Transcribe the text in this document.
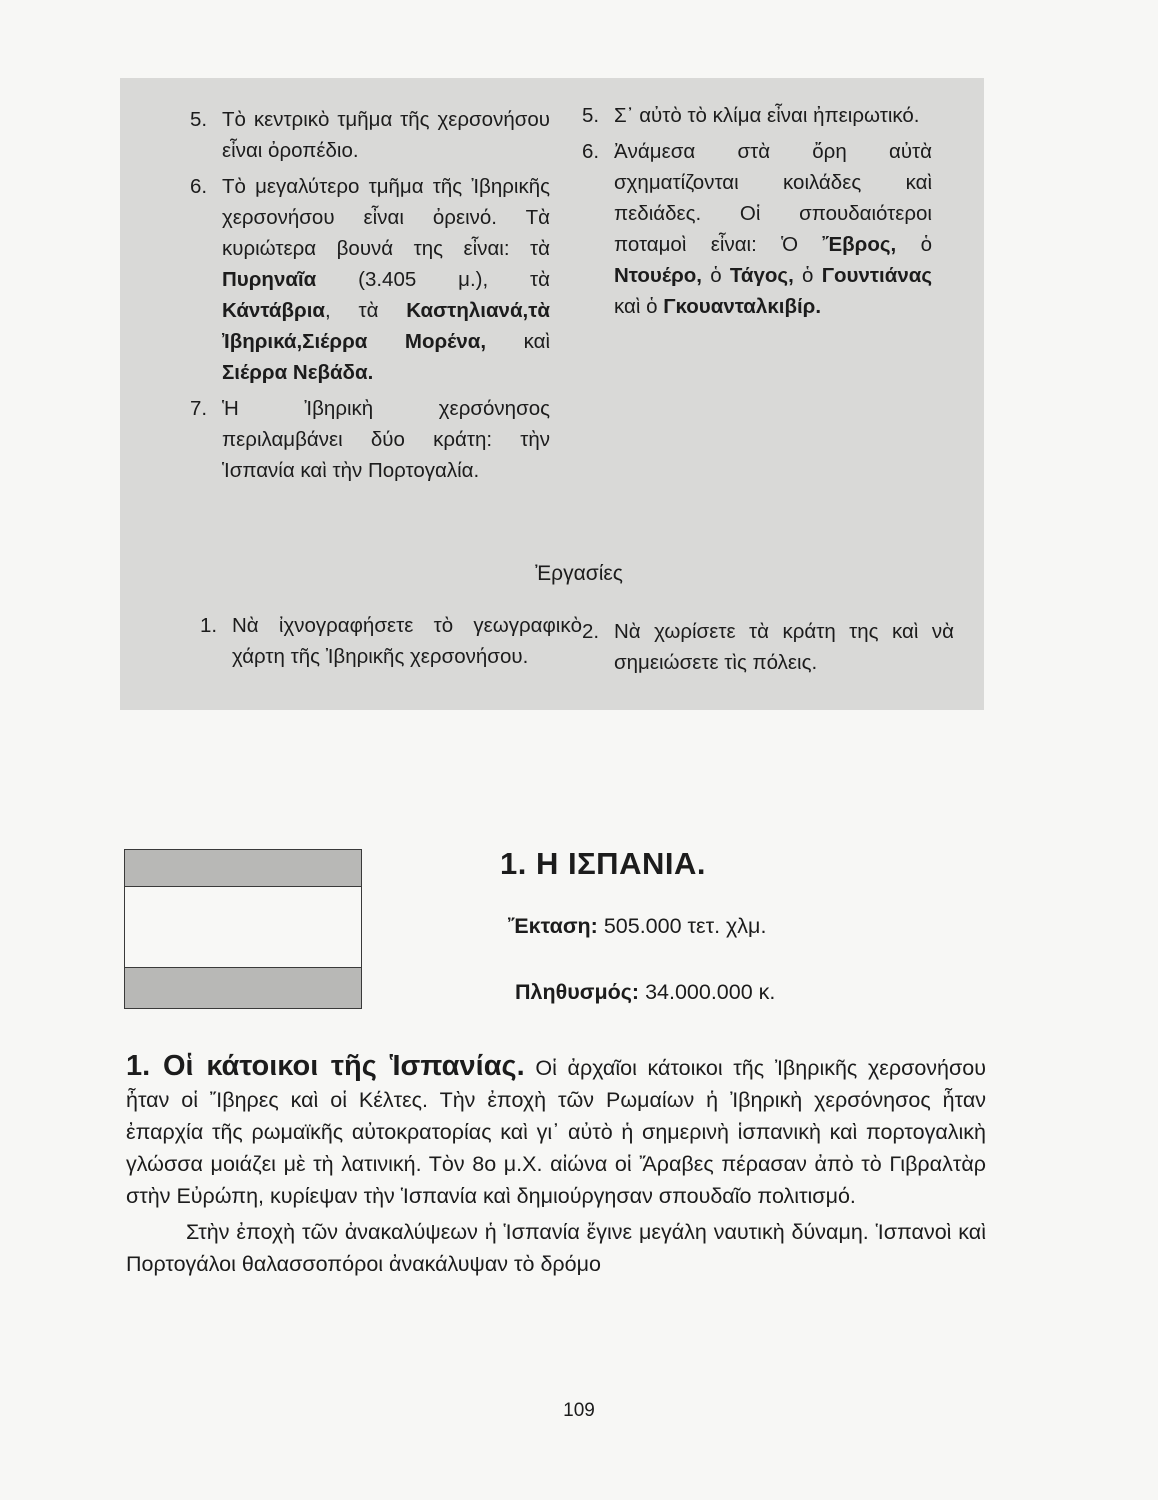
5. Τὸ κεντρικὸ τμῆμα τῆς χερσονήσου εἶναι ὀροπέδιο.
6. Τὸ μεγαλύτερο τμῆμα τῆς Ἰβηρικῆς χερσονήσου εἶναι ὀρεινό. Τὰ κυριώτερα βουνά της εἶναι: τὰ Πυρηναῖα (3.405 μ.), τὰ Κάντάβρια, τὰ Καστηλιανά,τὰ Ἰβηρικά,Σιέρρα Μορένα, καὶ Σιέρρα Νεβάδα.
7. Ἡ Ἰβηρικὴ χερσόνησος περιλαμβάνει δύο κράτη: τὴν Ἱσπανία καὶ τὴν Πορτογαλία.
5. Σ᾽ αὐτὸ τὸ κλίμα εἶναι ἠπειρωτικό.
6. Ἀνάμεσα στὰ ὄρη αὐτὰ σχηματίζονται κοιλάδες καὶ πεδιάδες. Οἱ σπουδαιότεροι ποταμοὶ εἶναι: Ὁ Ἔβρος, ὁ Ντουέρο, ὁ Τάγος, ὁ Γουντιάνας καὶ ὁ Γκουανταλκιβίρ.
Ἐργασίες
1. Νὰ ἰχνογραφήσετε τὸ γεωγραφικὸ χάρτη τῆς Ἰβηρικῆς χερσονήσου.
2. Νὰ χωρίσετε τὰ κράτη της καὶ νὰ σημειώσετε τὶς πόλεις.
1. Η ΙΣΠΑΝΙΑ.
Ἔκταση: 505.000 τετ. χλμ.
Πληθυσμός: 34.000.000 κ.

1. Οἱ κάτοικοι τῆς Ἱσπανίας. Οἱ ἀρχαῖοι κάτοικοι τῆς Ἰβηρικῆς χερσονήσου ἦταν οἱ Ἴβηρες καὶ οἱ Κέλτες. Τὴν ἐποχὴ τῶν Ρωμαίων ἡ Ἰβηρικὴ χερσόνησος ἦταν ἐπαρχία τῆς ρωμαϊκῆς αὐτοκρατορίας καὶ γι᾽ αὐτὸ ἡ σημερινὴ ἱσπανικὴ καὶ πορτογαλικὴ γλώσσα μοιάζει μὲ τὴ λατινική. Τὸν 8ο μ.Χ. αἰώνα οἱ Ἄραβες πέρασαν ἀπὸ τὸ Γιβραλτὰρ στὴν Εὐρώπη, κυρίεψαν τὴν Ἱσπανία καὶ δημιούργησαν σπουδαῖο πολιτισμό.

Στὴν ἐποχὴ τῶν ἀνακαλύψεων ἡ Ἱσπανία ἔγινε μεγάλη ναυτικὴ δύναμη. Ἱσπανοὶ καὶ Πορτογάλοι θαλασσοπόροι ἀνακάλυψαν τὸ δρόμο

109
